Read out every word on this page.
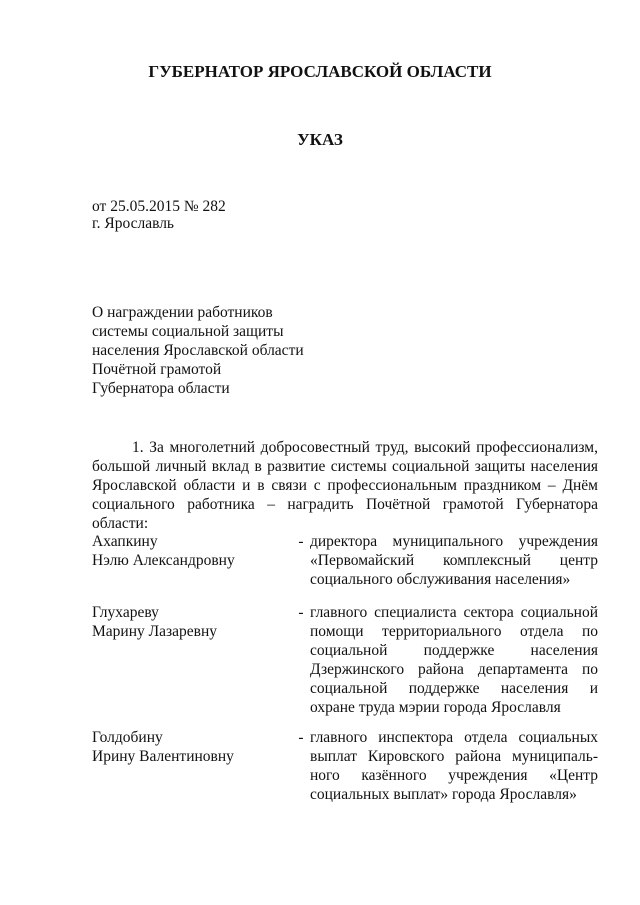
ГУБЕРНАТОР ЯРОСЛАВСКОЙ ОБЛАСТИ
УКАЗ
от 25.05.2015 № 282
г. Ярославль
О награждении работников
системы социальной защиты
населения Ярославской области
Почётной грамотой
Губернатора области
1. За многолетний добросовестный труд, высокий профессионализм, большой личный вклад в развитие системы социальной защиты населения Ярославской области и в связи с профессиональным праздником – Днём социального работника – наградить Почётной грамотой Губернатора области:
Ахапкину
Нэлю Александровну
- директора муниципального учреждения
«Первомайский комплексный центр
социального обслуживания населения»
Глухареву
Марину Лазаревну
- главного специалиста сектора социальной
помощи территориального отдела по
социальной поддержке населения
Дзержинского района департамента по
социальной поддержке населения и
охране труда мэрии города Ярославля
Голдобину
Ирину Валентиновну
- главного инспектора отдела социальных
выплат Кировского района муниципаль-
ного казённого учреждения «Центр
социальных выплат» города Ярославля»
